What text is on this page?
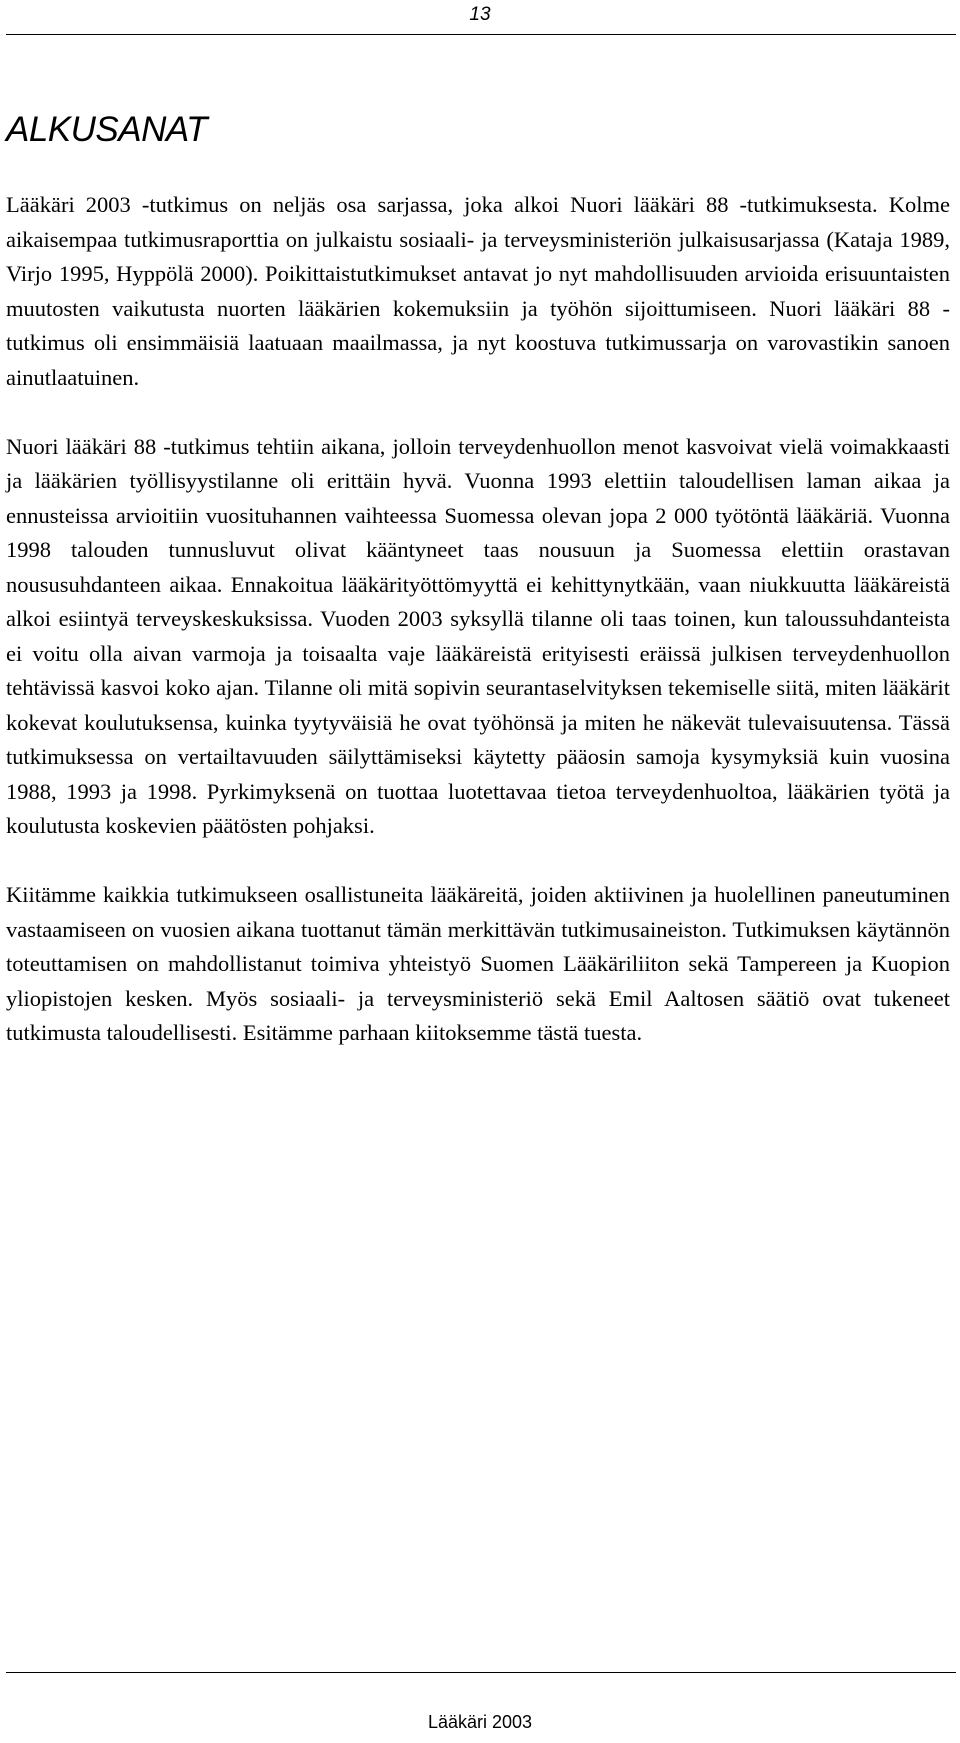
13
ALKUSANAT

Lääkäri 2003 -tutkimus on neljäs osa sarjassa, joka alkoi Nuori lääkäri 88 -tutkimuksesta. Kolme aikaisempaa tutkimusraporttia on julkaistu sosiaali- ja terveysministeriön julkaisusarjassa (Kataja 1989, Virjo 1995, Hyppölä 2000). Poikittaistutkimukset antavat jo nyt mahdollisuuden arvioida erisuuntaisten muutosten vaikutusta nuorten lääkärien kokemuksiin ja työhön sijoittumiseen. Nuori lääkäri 88 -tutkimus oli ensimmäisiä laatuaan maailmassa, ja nyt koostuva tutkimussarja on varovastikin sanoen ainutlaatuinen.

Nuori lääkäri 88 -tutkimus tehtiin aikana, jolloin terveydenhuollon menot kasvoivat vielä voimakkaasti ja lääkärien työllisyystilanne oli erittäin hyvä. Vuonna 1993 elettiin taloudellisen laman aikaa ja ennusteissa arvioitiin vuosituhannen vaihteessa Suomessa olevan jopa 2 000 työtöntä lääkäriä. Vuonna 1998 talouden tunnusluvut olivat kääntyneet taas nousuun ja Suomessa elettiin orastavan noususuhdanteen aikaa. Ennakoitua lääkärityöttömyyttä ei kehittynytkään, vaan niukkuutta lääkäreistä alkoi esiintyä terveyskeskuksissa. Vuoden 2003 syksyllä tilanne oli taas toinen, kun taloussuhdanteista ei voitu olla aivan varmoja ja toisaalta vaje lääkäreistä erityisesti eräissä julkisen terveydenhuollon tehtävissä kasvoi koko ajan. Tilanne oli mitä sopivin seurantaselvityksen tekemiselle siitä, miten lääkärit kokevat koulutuksensa, kuinka tyytyväisiä he ovat työhönsä ja miten he näkevät tulevaisuutensa. Tässä tutkimuksessa on vertailtavuuden säilyttämiseksi käytetty pääosin samoja kysymyksiä kuin vuosina 1988, 1993 ja 1998. Pyrkimyksenä on tuottaa luotettavaa tietoa terveydenhuoltoa, lääkärien työtä ja koulutusta koskevien päätösten pohjaksi.

Kiitämme kaikkia tutkimukseen osallistuneita lääkäreitä, joiden aktiivinen ja huolellinen paneutuminen vastaamiseen on vuosien aikana tuottanut tämän merkittävän tutkimusaineiston. Tutkimuksen käytännön toteuttamisen on mahdollistanut toimiva yhteistyö Suomen Lääkäriliiton sekä Tampereen ja Kuopion yliopistojen kesken. Myös sosiaali- ja terveysministeriö sekä Emil Aaltosen säätiö ovat tukeneet tutkimusta taloudellisesti. Esitämme parhaan kiitoksemme tästä tuesta.

Lääkäri 2003
